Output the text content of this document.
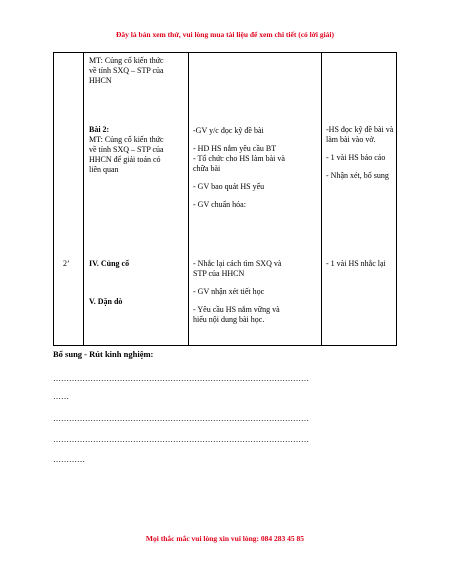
Đây là bản xem thử, vui lòng mua tài liệu để xem chi tiết (có lời giải)

MT: Củng cố kiến thức

về tính SXQ – STP của

HHCN

Bài 2:

MT: Củng cố kiến thức

về tính SXQ – STP của

HHCN để giải toán có

liên quan

-GV y/c đọc kỹ đề bài

- HD HS nắm yêu cầu BT

- Tổ chức cho HS làm bài và

chữa bài

- GV bao quát HS yếu

- GV chuẩn hóa:

-HS đọc kỹ đề bài và

làm bài vào vở.

- 1 vài HS báo cáo

- Nhận xét, bổ sung

2’ IV. Củng cố
V. Dặn dò

- Nhắc lại cách tìm SXQ và

STP của HHCN

- GV nhận xét tiết học

- Yêu cầu HS nắm vững và

hiểu nội dung bài học.

- 1 vài HS nhắc lại

Bổ sung - Rút kinh nghiệm:
……………………………………………………………………………………
……
……………………………………………………………………………………
……………………………………………………………………………………
…………
Mọi thắc mắc vui lòng xin vui lòng: 084 283 45 85
